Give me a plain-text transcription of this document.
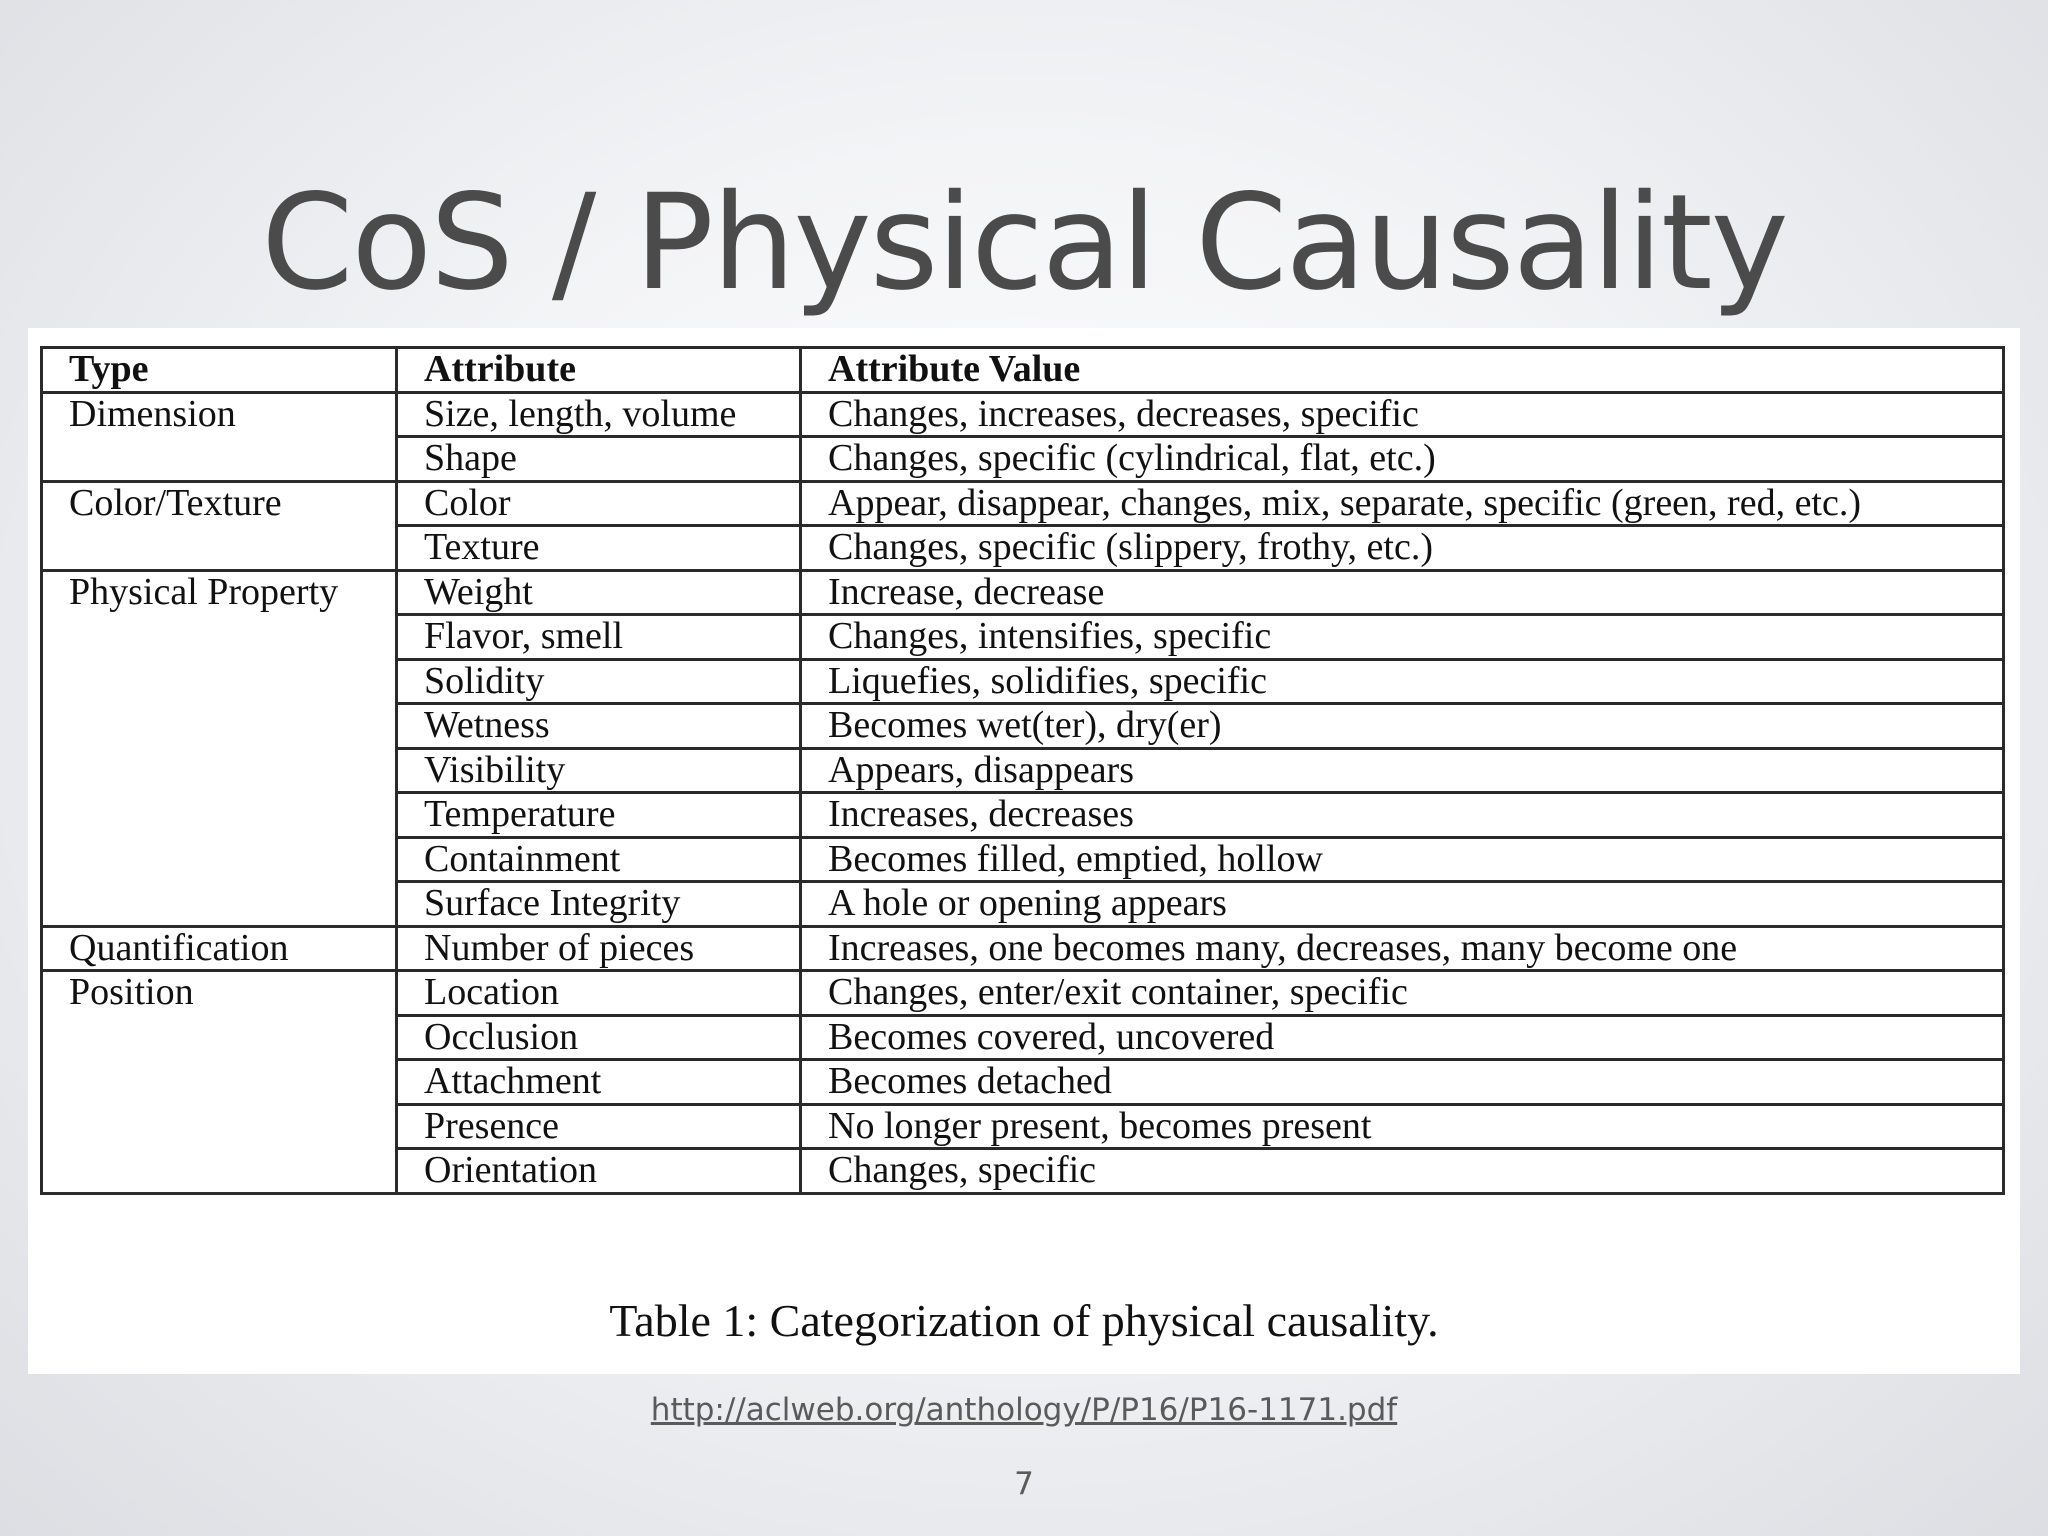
CoS / Physical Causality
Type	Attribute	Attribute Value
Dimension	Size, length, volume	Changes, increases, decreases, specific
	Shape	Changes, specific (cylindrical, flat, etc.)
Color/Texture	Color	Appear, disappear, changes, mix, separate, specific (green, red, etc.)
	Texture	Changes, specific (slippery, frothy, etc.)
Physical Property	Weight	Increase, decrease
	Flavor, smell	Changes, intensifies, specific
	Solidity	Liquefies, solidifies, specific
	Wetness	Becomes wet(ter), dry(er)
	Visibility	Appears, disappears
	Temperature	Increases, decreases
	Containment	Becomes filled, emptied, hollow
	Surface Integrity	A hole or opening appears
Quantification	Number of pieces	Increases, one becomes many, decreases, many become one
Position	Location	Changes, enter/exit container, specific
	Occlusion	Becomes covered, uncovered
	Attachment	Becomes detached
	Presence	No longer present, becomes present
	Orientation	Changes, specific
Table 1: Categorization of physical causality.
http://aclweb.org/anthology/P/P16/P16-1171.pdf
7
